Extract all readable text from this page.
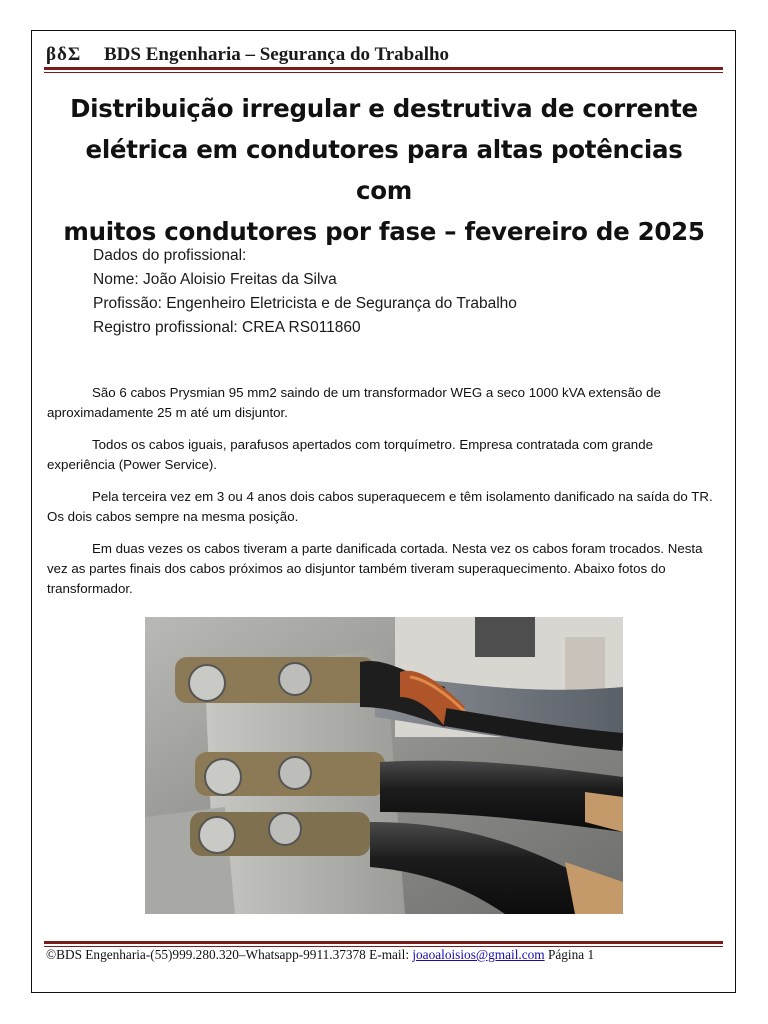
βδΣ	BDS Engenharia – Segurança do Trabalho
Distribuição irregular e destrutiva de corrente
elétrica em condutores para altas potências com
muitos condutores por fase – fevereiro de 2025
Dados do profissional:
Nome: João Aloisio Freitas da Silva
Profissão: Engenheiro Eletricista e de Segurança do Trabalho
Registro profissional: CREA RS011860

São 6 cabos Prysmian 95 mm2 saindo de um transformador WEG a seco 1000 kVA extensão de aproximadamente 25 m até um disjuntor.

Todos os cabos iguais, parafusos apertados com torquímetro. Empresa contratada com grande experiência (Power Service).

Pela terceira vez em 3 ou 4 anos dois cabos superaquecem e têm isolamento danificado na saída do TR. Os dois cabos sempre na mesma posição.

Em duas vezes os cabos tiveram a parte danificada cortada. Nesta vez os cabos foram trocados. Nesta vez as partes finais dos cabos próximos ao disjuntor também tiveram superaquecimento. Abaixo fotos do transformador.

©BDS Engenharia-(55)999.280.320–Whatsapp-9911.37378 E-mail: joaoaloisios@gmail.com Página 1
